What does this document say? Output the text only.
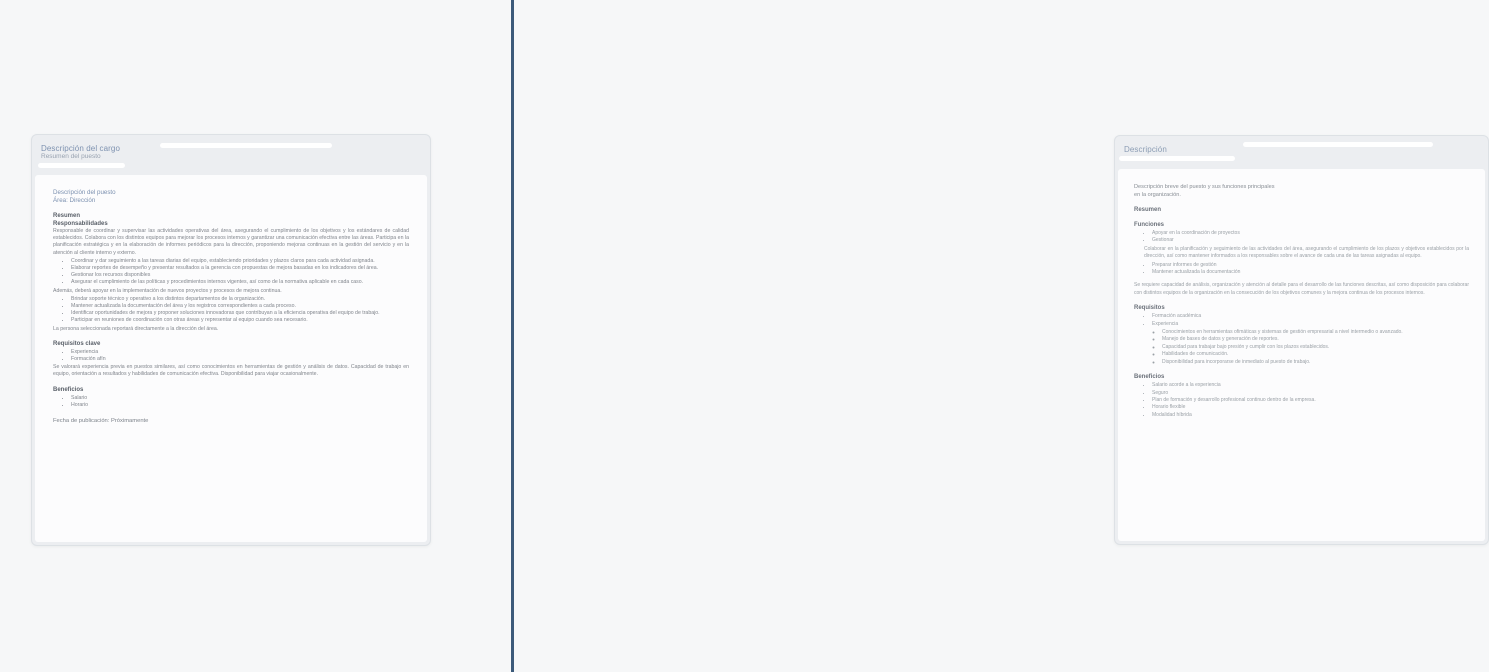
Descripción del cargo
Resumen del puesto

Descripción del puesto

Área: Dirección

Resumen

Responsabilidades

Responsable de coordinar y supervisar las actividades operativas del área, asegurando el cumplimiento de los objetivos y los estándares de calidad establecidos. Colabora con los distintos equipos para mejorar los procesos internos y garantizar una comunicación efectiva entre las áreas. Participa en la planificación estratégica y en la elaboración de informes periódicos para la dirección, proponiendo mejoras continuas en la gestión del servicio y en la atención al cliente interno y externo.

• Coordinar y dar seguimiento a las tareas diarias del equipo, estableciendo prioridades y plazos claros para cada actividad asignada.
• Elaborar reportes de desempeño y presentar resultados a la gerencia con propuestas de mejora basadas en los indicadores del área.
• Gestionar los recursos disponibles
• Asegurar el cumplimiento de las políticas y procedimientos internos vigentes, así como de la normativa aplicable en cada caso.

Además, deberá apoyar en la implementación de nuevos proyectos y procesos de mejora continua.

• Brindar soporte técnico y operativo a los distintos departamentos de la organización.
• Mantener actualizada la documentación del área y los registros correspondientes a cada proceso.
• Identificar oportunidades de mejora y proponer soluciones innovadoras que contribuyan a la eficiencia operativa del equipo de trabajo.
• Participar en reuniones de coordinación con otras áreas y representar al equipo cuando sea necesario.

La persona seleccionada reportará directamente a la dirección del área.

Requisitos clave

• Experiencia
• Formación afín

Se valorará experiencia previa en puestos similares, así como conocimientos en herramientas de gestión y análisis de datos. Capacidad de trabajo en equipo, orientación a resultados y habilidades de comunicación efectiva. Disponibilidad para viajar ocasionalmente.

Beneficios

• Salario
• Horario

Fecha de publicación: Próximamente

Descripción

Descripción breve del puesto y sus funciones principales

en la organización.

Resumen

Funciones

• Apoyar en la coordinación de proyectos
• Gestionar

Colaborar en la planificación y seguimiento de las actividades del área, asegurando el cumplimiento de los plazos y objetivos establecidos por la dirección, así como mantener informados a los responsables sobre el avance de cada una de las tareas asignadas al equipo.

• Preparar informes de gestión
• Mantener actualizada la documentación

Se requiere capacidad de análisis, organización y atención al detalle para el desarrollo de las funciones descritas, así como disposición para colaborar con distintos equipos de la organización en la consecución de los objetivos comunes y la mejora continua de los procesos internos.

Requisitos

• Formación académica
• Experiencia
◦ Conocimientos en herramientas ofimáticas y sistemas de gestión empresarial a nivel intermedio o avanzado.
◦ Manejo de bases de datos y generación de reportes.
◦ Capacidad para trabajar bajo presión y cumplir con los plazos establecidos.
◦ Habilidades de comunicación.
◦ Disponibilidad para incorporarse de inmediato al puesto de trabajo.

Beneficios

• Salario acorde a la experiencia
• Seguro
• Plan de formación y desarrollo profesional continuo dentro de la empresa.
• Horario flexible
• Modalidad híbrida
